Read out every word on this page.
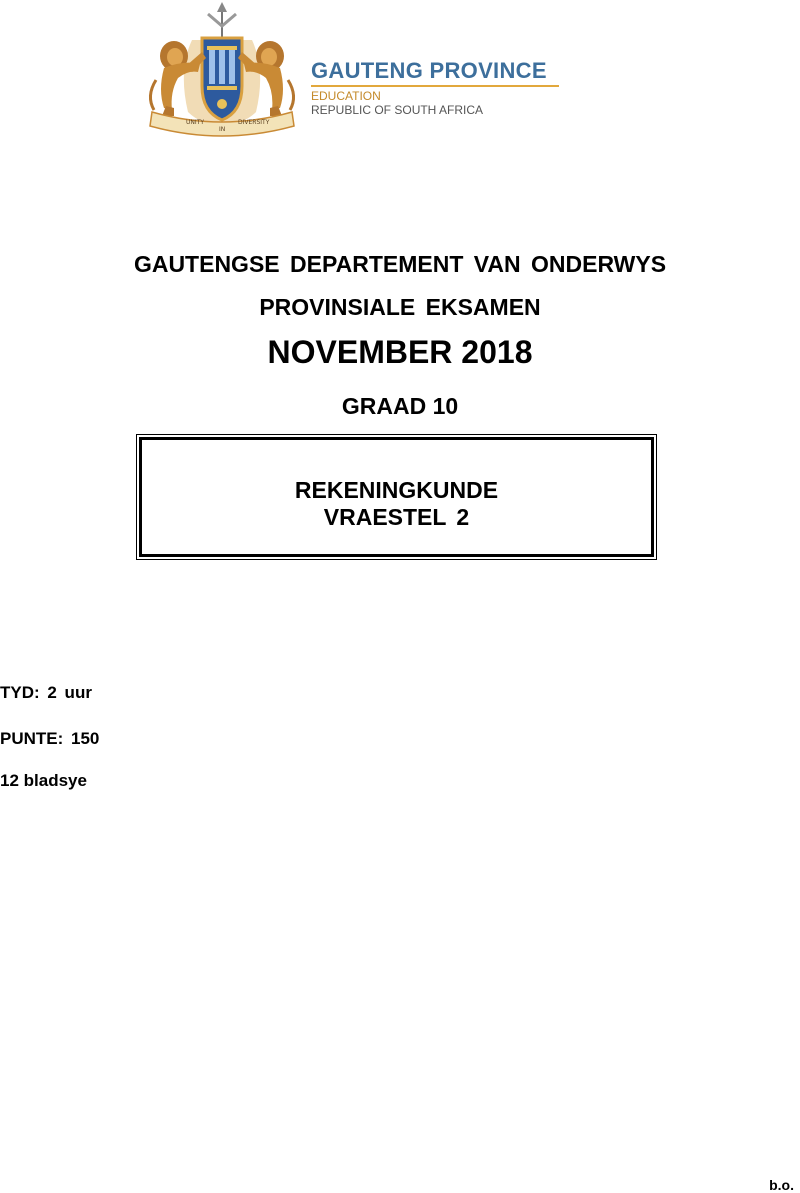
UNITY
IN
DIVERSITY
GAUTENG PROVINCE
EDUCATION
REPUBLIC OF SOUTH AFRICA
GAUTENGSE DEPARTEMENT VAN ONDERWYS
PROVINSIALE EKSAMEN
NOVEMBER 2018
GRAAD 10
REKENINGKUNDE
VRAESTEL 2
TYD: 2 uur
PUNTE: 150
12 bladsye
b.o.
